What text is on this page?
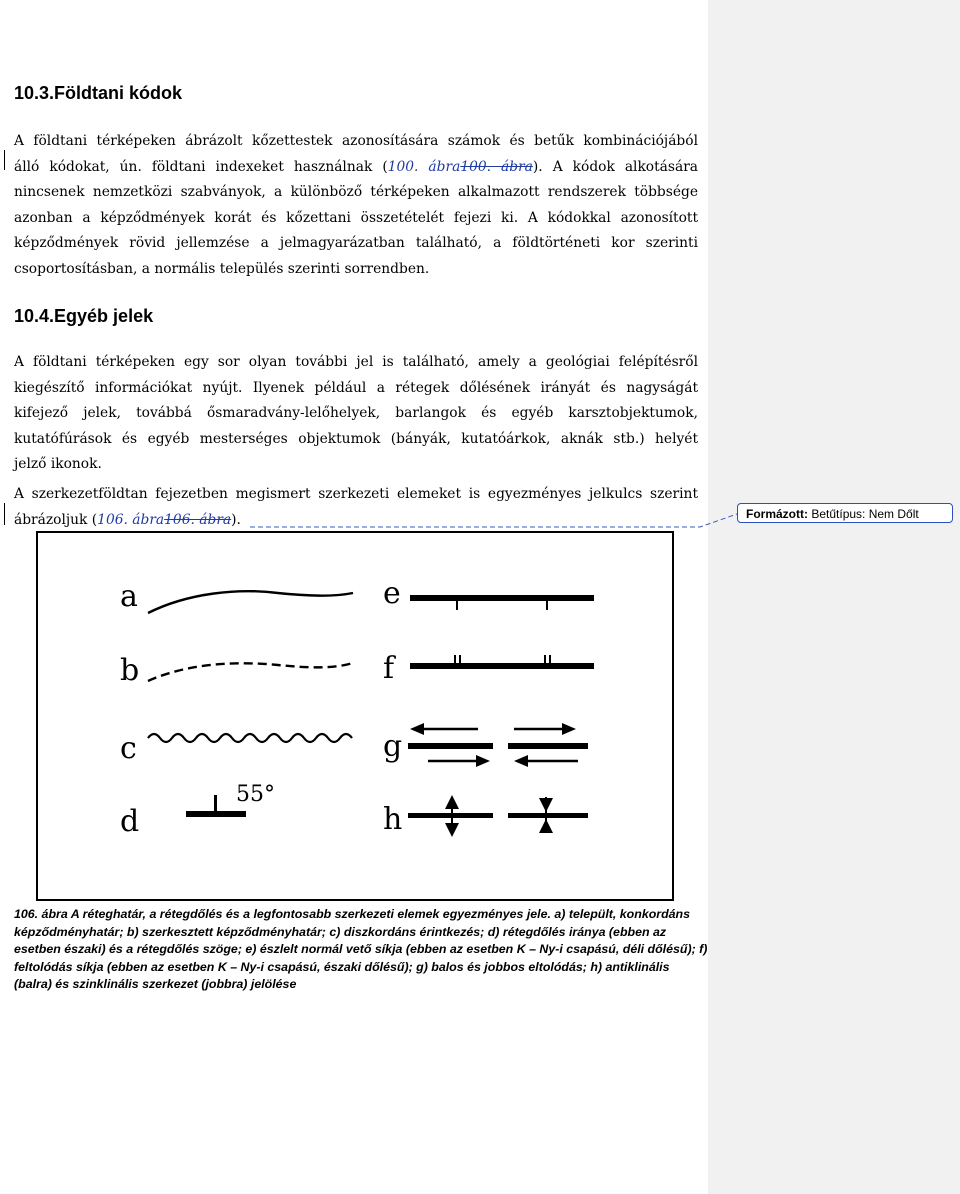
10.3.Földtani kódok
A földtani térképeken ábrázolt kőzettestek azonosítására számok és betűk kombinációjából
álló kódokat, ún. földtani indexeket használnak (100. ábra100. ábra). A kódok alkotására
nincsenek nemzetközi szabványok, a különböző térképeken alkalmazott rendszerek többsége
azonban a képződmények korát és kőzettani összetételét fejezi ki. A kódokkal azonosított
képződmények rövid jellemzése a jelmagyarázatban található, a földtörténeti kor szerinti
csoportosításban, a normális település szerinti sorrendben.
10.4.Egyéb jelek
A földtani térképeken egy sor olyan további jel is található, amely a geológiai felépítésről
kiegészítő információkat nyújt. Ilyenek például a rétegek dőlésének irányát és nagyságát
kifejező jelek, továbbá ősmaradvány-lelőhelyek, barlangok és egyéb karsztobjektumok,
kutatófúrások és egyéb mesterséges objektumok (bányák, kutatóárkok, aknák stb.) helyét
jelző ikonok.
A szerkezetföldtan fejezetben megismert szerkezeti elemeket is egyezményes jelkulcs szerint
ábrázoljuk (106. ábra106. ábra).	Formázott: Betűtípus: Nem Dőlt
a
b
c
d
e
f
g
h
55°
106. ábra A réteghatár, a rétegdőlés és a legfontosabb szerkezeti elemek egyezményes jele. a) települt, konkordáns
képződményhatár; b) szerkesztett képződményhatár; c) diszkordáns érintkezés; d) rétegdőlés iránya (ebben az
esetben északi) és a rétegdőlés szöge; e) észlelt normál vető síkja (ebben az esetben K – Ny-i csapású, déli dőlésű); f)
feltolódás síkja (ebben az esetben K – Ny-i csapású, északi dőlésű); g) balos és jobbos eltolódás; h) antiklinális
(balra) és szinklinális szerkezet (jobbra) jelölése
